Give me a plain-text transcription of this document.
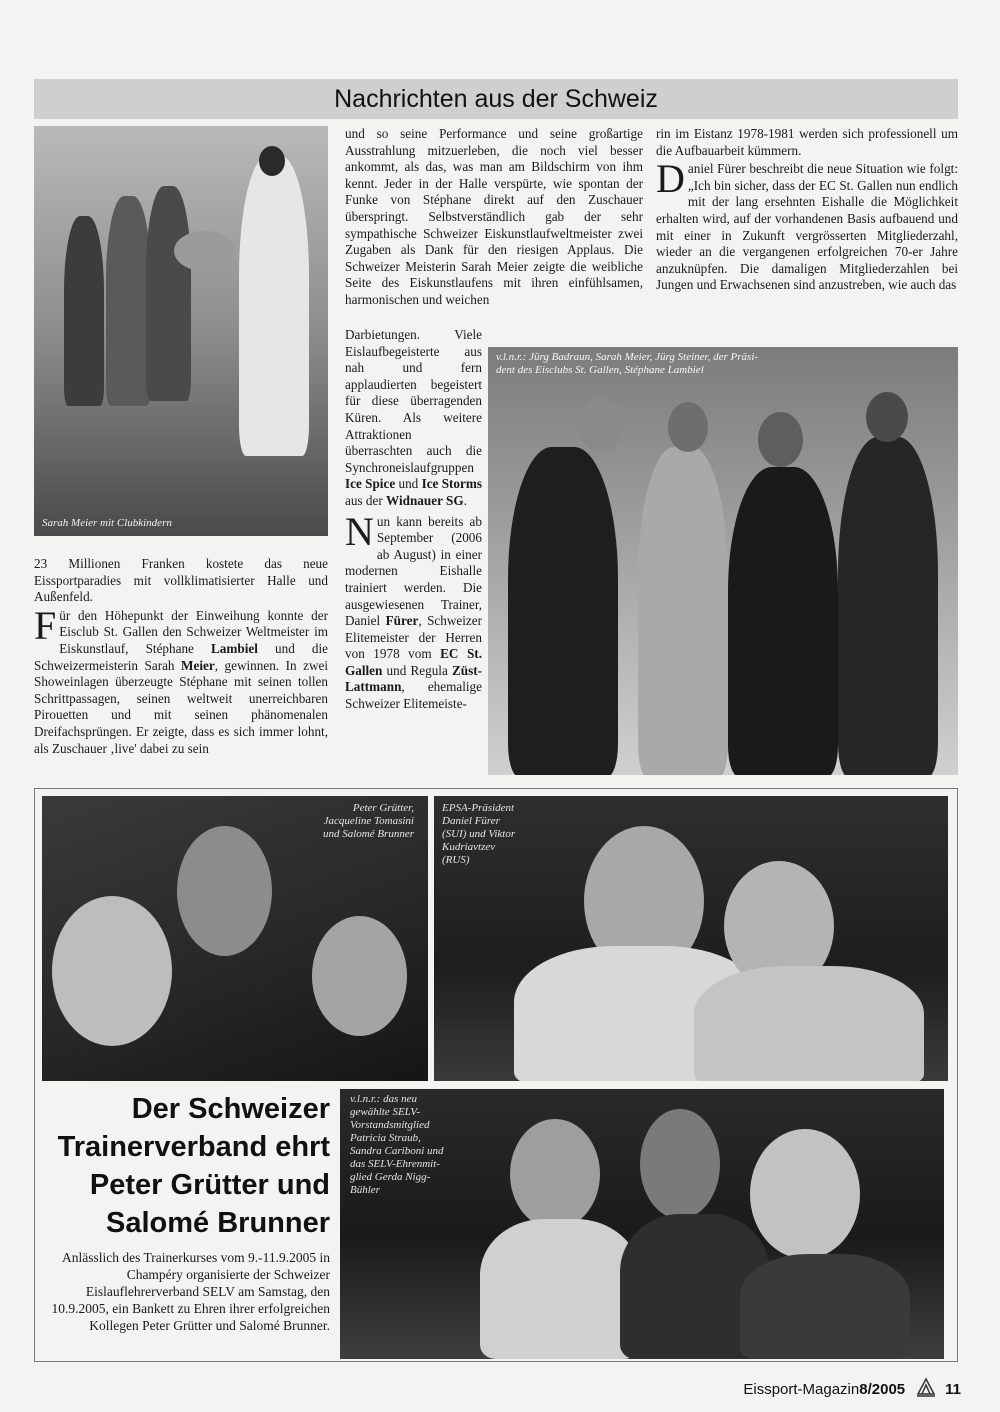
Nachrichten aus der Schweiz
Sarah Meier mit Clubkindern
v.l.n.r.: Jürg Badraun, Sarah Meier, Jürg Steiner, der Präsi-
dent des Eisclubs St. Gallen, Stéphane Lambiel

23 Millionen Franken kostete das neue Eissportparadies mit vollklimatisierter Halle und Außenfeld.

Für den Höhepunkt der Einweihung konnte der Eisclub St. Gallen den Schweizer Weltmeister im Eiskunstlauf, Stéphane Lambiel und die Schweizermeisterin Sarah Meier, gewinnen. In zwei Showeinlagen überzeugte Stéphane mit seinen tollen Schrittpassagen, seinen weltweit unerreichbaren Pirouetten und mit seinen phänomenalen Dreifachsprüngen. Er zeigte, dass es sich immer lohnt, als Zuschauer ‚live' dabei zu sein

und so seine Performance und seine großartige Ausstrahlung mitzuerleben, die noch viel besser ankommt, als das, was man am Bildschirm von ihm kennt. Jeder in der Halle verspürte, wie spontan der Funke von Stéphane direkt auf den Zuschauer überspringt. Selbstverständlich gab der sehr sympathische Schweizer Eiskunstlaufweltmeister zwei Zugaben als Dank für den riesigen Applaus. Die Schweizer Meisterin Sarah Meier zeigte die weibliche Seite des Eiskunstlaufens mit ihren einfühlsamen, harmonischen und weichen

Darbietungen. Viele Eislaufbegeisterte aus nah und fern applaudierten begeistert für diese überragenden Küren. Als weitere Attraktionen überraschten auch die Synchroneislaufgruppen Ice Spice und Ice Storms aus der Widnauer SG.

Nun kann bereits ab September (2006 ab August) in einer modernen Eishalle trainiert werden. Die ausgewiesenen Trainer, Daniel Fürer, Schweizer Elitemeister der Herren von 1978 vom EC St. Gallen und Regula Züst-Lattmann, ehemalige Schweizer Elitemeiste-

rin im Eistanz 1978-1981 werden sich professionell um die Aufbauarbeit kümmern.

Daniel Fürer beschreibt die neue Situation wie folgt: „Ich bin sicher, dass der EC St. Gallen nun endlich mit der lang ersehnten Eishalle die Möglichkeit erhalten wird, auf der vorhandenen Basis aufbauend und mit einer in Zukunft vergrösserten Mitgliederzahl, wieder an die vergangenen erfolgreichen 70-er Jahre anzuknüpfen. Die damaligen Mitgliederzahlen bei Jungen und Erwachsenen sind anzustreben, wie auch das

Peter Grütter,
Jacqueline Tomasini
und Salomé Brunner
EPSA-Präsident
Daniel Fürer
(SUI) und Viktor
Kudriavtzev
(RUS)
Der Schweizer
Trainerverband ehrt
Peter Grütter und
Salomé Brunner

Anlässlich des Trainerkurses vom 9.-11.9.2005 in Champéry organisierte der Schweizer Eislauflehrerverband SELV am Samstag, den 10.9.2005, ein Bankett zu Ehren ihrer erfolgreichen Kollegen Peter Grütter und Salomé Brunner.

v.l.n.r.: das neu
gewählte SELV-
Vorstandsmitglied
Patricia Straub,
Sandra Cariboni und
das SELV-Ehrenmit-
glied Gerda Nigg-
Bühler
Eissport-Magazin 8/2005	11
